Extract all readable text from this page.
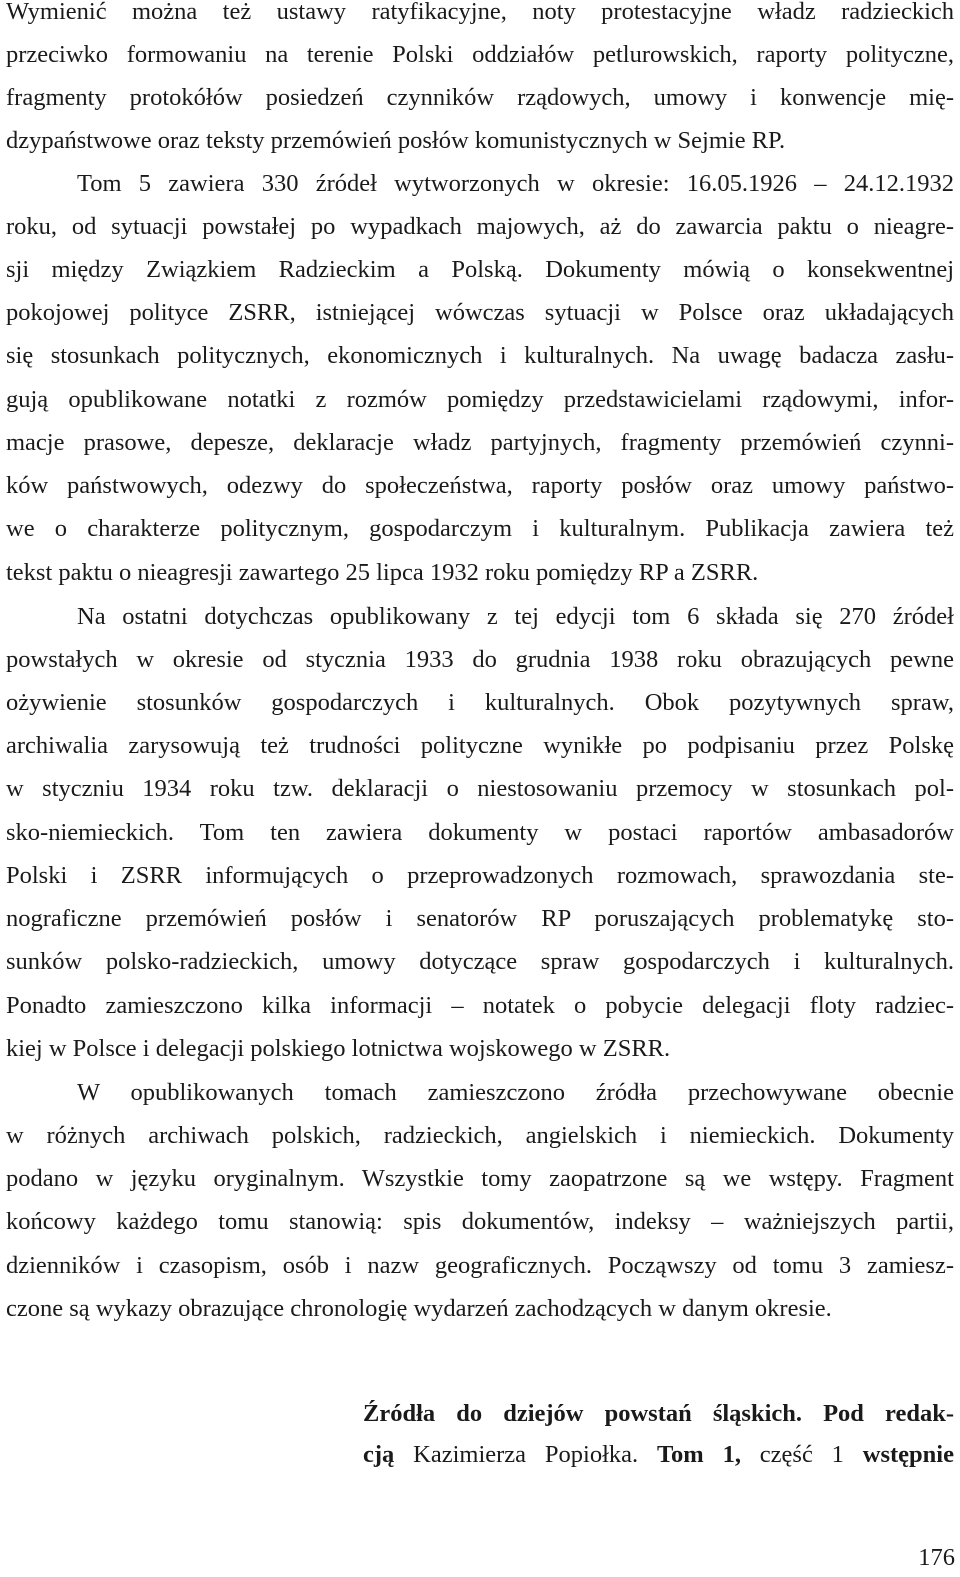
Wymienić można też ustawy ratyfikacyjne, noty protestacyjne władz radzieckich
przeciwko formowaniu na terenie Polski oddziałów petlurowskich, raporty polityczne,
fragmenty protokółów posiedzeń czynników rządowych, umowy i konwencje mię-
dzypaństwowe oraz teksty przemówień posłów komunistycznych w Sejmie RP.
Tom 5 zawiera 330 źródeł wytworzonych w okresie: 16.05.1926 – 24.12.1932
roku, od sytuacji powstałej po wypadkach majowych, aż do zawarcia paktu o nieagre-
sji między Związkiem Radzieckim a Polską. Dokumenty mówią o konsekwentnej
pokojowej polityce ZSRR, istniejącej wówczas sytuacji w Polsce oraz układających
się stosunkach politycznych, ekonomicznych i kulturalnych. Na uwagę badacza zasłu-
gują opublikowane notatki z rozmów pomiędzy przedstawicielami rządowymi, infor-
macje prasowe, depesze, deklaracje władz partyjnych, fragmenty przemówień czynni-
ków państwowych, odezwy do społeczeństwa, raporty posłów oraz umowy państwo-
we o charakterze politycznym, gospodarczym i kulturalnym. Publikacja zawiera też
tekst paktu o nieagresji zawartego 25 lipca 1932 roku pomiędzy RP a ZSRR.
Na ostatni dotychczas opublikowany z tej edycji tom 6 składa się 270 źródeł
powstałych w okresie od stycznia 1933 do grudnia 1938 roku obrazujących pewne
ożywienie stosunków gospodarczych i kulturalnych. Obok pozytywnych spraw,
archiwalia zarysowują też trudności polityczne wynikłe po podpisaniu przez Polskę
w styczniu 1934 roku tzw. deklaracji o niestosowaniu przemocy w stosunkach pol-
sko-niemieckich. Tom ten zawiera dokumenty w postaci raportów ambasadorów
Polski i ZSRR informujących o przeprowadzonych rozmowach, sprawozdania ste-
nograficzne przemówień posłów i senatorów RP poruszających problematykę sto-
sunków polsko-radzieckich, umowy dotyczące spraw gospodarczych i kulturalnych.
Ponadto zamieszczono kilka informacji – notatek o pobycie delegacji floty radziec-
kiej w Polsce i delegacji polskiego lotnictwa wojskowego w ZSRR.
W opublikowanych tomach zamieszczono źródła przechowywane obecnie
w różnych archiwach polskich, radzieckich, angielskich i niemieckich. Dokumenty
podano w języku oryginalnym. Wszystkie tomy zaopatrzone są we wstępy. Fragment
końcowy każdego tomu stanowią: spis dokumentów, indeksy – ważniejszych partii,
dzienników i czasopism, osób i nazw geograficznych. Począwszy od tomu 3 zamiesz-
czone są wykazy obrazujące chronologię wydarzeń zachodzących w danym okresie.
Źródła do dziejów powstań śląskich. Pod redak-
cją Kazimierza Popiołka. Tom 1, część 1 wstępnie
176
